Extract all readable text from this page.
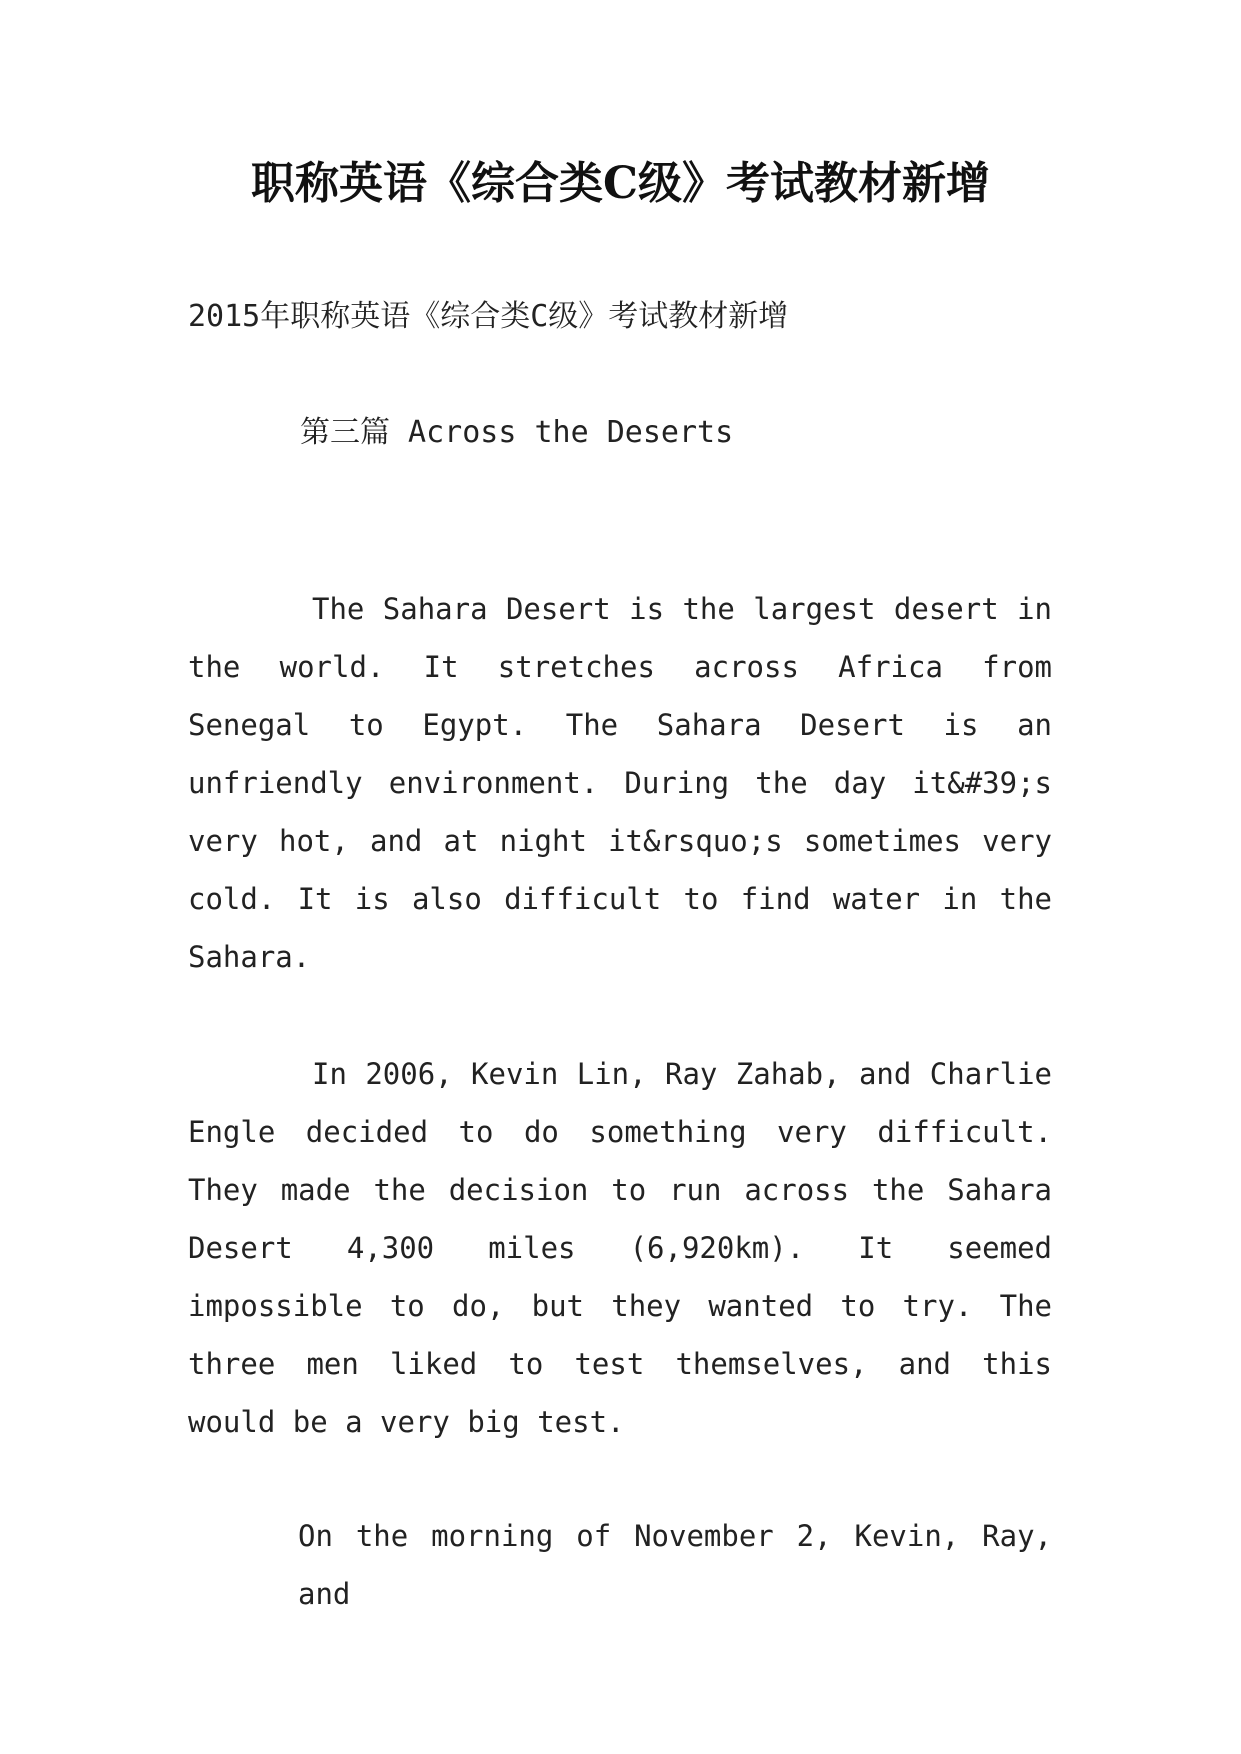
职称英语《综合类C级》考试教材新增

2015年职称英语《综合类C级》考试教材新增

第三篇 Across the Deserts

The Sahara Desert is the largest desert in the world. It stretches across Africa from Senegal to Egypt. The Sahara Desert is an unfriendly environment. During the day it&#39;s very hot, and at night it&rsquo;s sometimes very cold. It is also difficult to find water in the Sahara.

In 2006, Kevin Lin, Ray Zahab, and Charlie Engle decided to do something very difficult. They made the decision to run across the Sahara Desert 4,300 miles (6,920km). It seemed impossible to do, but they wanted to try. The three men liked to test themselves, and this would be a very big test.

On the morning of November 2, Kevin, Ray, and
